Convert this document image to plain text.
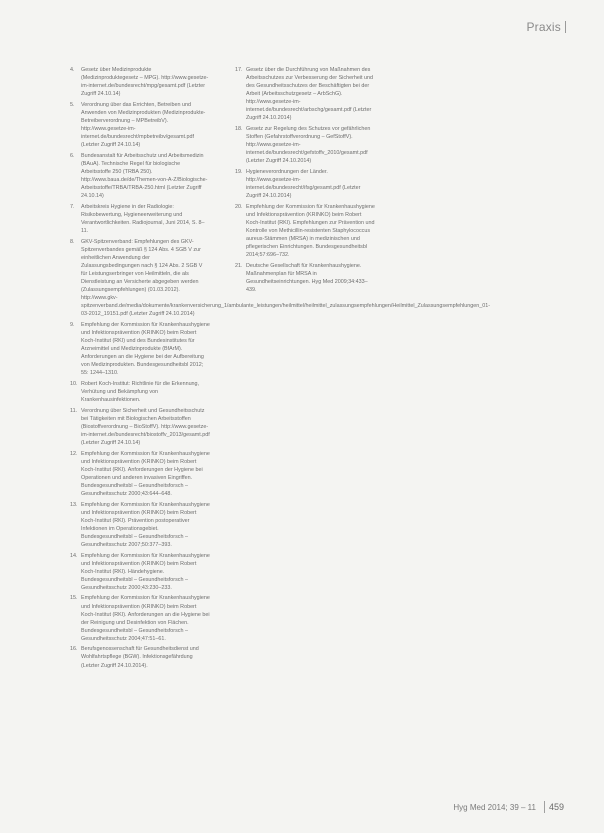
Praxis
4. Gesetz über Medizinprodukte (Medizinproduktegesetz – MPG). http://www.gesetze-im-internet.de/bundesrecht/mpg/gesamt.pdf (Letzter Zugriff 24.10.14)
5. Verordnung über das Errichten, Betreiben und Anwenden von Medizinprodukten (Medizinprodukte-Betreiberverordnung – MPBetreibV). http://www.gesetze-im-internet.de/bundesrecht/mpbetreibv/gesamt.pdf (Letzter Zugriff 24.10.14)
6. Bundesanstalt für Arbeitsschutz und Arbeitsmedizin (BAuA). Technische Regel für biologische Arbeitsstoffe 250 (TRBA 250). http://www.baua.de/de/Themen-von-A-Z/Biologische-Arbeitsstoffe/TRBA/TRBA-250.html (Letzter Zugriff 24.10.14)
7. Arbeitskreis Hygiene in der Radiologie: Risikobewertung, Hygieneerweiterung und Verantwortlichkeiten. Radiojournal, Juni 2014, S. 8–11.
8. GKV-Spitzenverband: Empfehlungen des GKV-Spitzenverbandes gemäß § 124 Abs. 4 SGB V zur einheitlichen Anwendung der Zulassungsbedingungen nach § 124 Abs. 2 SGB V für Leistungserbringer von Heilmitteln, die als Dienstleistung an Versicherte abgegeben werden (Zulassungsempfehlungen) (01.03.2012). http://www.gkv-spitzenverband.de/media/dokumente/krankenversicherung_1/ambulante_leistungen/heilmittel/heilmittel_zulassungsempfehlungen/Heilmittel_Zulassungsempfehlungen_01-03-2012_19151.pdf (Letzter Zugriff 24.10.2014)
9. Empfehlung der Kommission für Krankenhaushygiene und Infektionsprävention (KRINKO) beim Robert Koch-Institut (RKI) und des Bundesinstitutes für Arzneimittel und Medizinprodukte (BfArM). Anforderungen an die Hygiene bei der Aufbereitung von Medizinprodukten. Bundesgesundheitsbl 2012; 55: 1244–1310.
10. Robert Koch-Institut: Richtlinie für die Erkennung, Verhütung und Bekämpfung von Krankenhausinfektionen.
11. Verordnung über Sicherheit und Gesundheitsschutz bei Tätigkeiten mit Biologischen Arbeitsstoffen (Biostoffverordnung – BioStoffV). http://www.gesetze-im-internet.de/bundesrecht/biostoffv_2013/gesamt.pdf (Letzter Zugriff 24.10.14)
12. Empfehlung der Kommission für Krankenhaushygiene und Infektionsprävention (KRINKO) beim Robert Koch-Institut (RKI). Anforderungen der Hygiene bei Operationen und anderen invasiven Eingriffen. Bundesgesundheitsbl – Gesundheitsforsch – Gesundheitsschutz 2000;43:644–648.
13. Empfehlung der Kommission für Krankenhaushygiene und Infektionsprävention (KRINKO) beim Robert Koch-Institut (RKI). Prävention postoperativer Infektionen im Operationsgebiet. Bundesgesundheitsbl – Gesundheitsforsch – Gesundheitsschutz 2007;50:377–393.
14. Empfehlung der Kommission für Krankenhaushygiene und Infektionsprävention (KRINKO) beim Robert Koch-Institut (RKI). Händehygiene. Bundesgesundheitsbl – Gesundheitsforsch – Gesundheitsschutz 2000;43:230–233.
15. Empfehlung der Kommission für Krankenhaushygiene und Infektionsprävention (KRINKO) beim Robert Koch-Institut (RKI). Anforderungen an die Hygiene bei der Reinigung und Desinfektion von Flächen. Bundesgesundheitsbl – Gesundheitsforsch – Gesundheitsschutz 2004;47:51–61.
16. Berufsgenossenschaft für Gesundheitsdienst und Wohlfahrtspflege (BGW). Infektionsgefährdung (Letzter Zugriff 24.10.2014).
17. Gesetz über die Durchführung von Maßnahmen des Arbeitsschutzes zur Verbesserung der Sicherheit und des Gesundheitsschutzes der Beschäftigten bei der Arbeit (Arbeitsschutzgesetz – ArbSchG). http://www.gesetze-im-internet.de/bundesrecht/arbschg/gesamt.pdf (Letzter Zugriff 24.10.2014)
18. Gesetz zur Regelung des Schutzes vor gefährlichen Stoffen (Gefahrstoffverordnung – GefStoffV). http://www.gesetze-im-internet.de/bundesrecht/gefstoffv_2010/gesamt.pdf (Letzter Zugriff 24.10.2014)
19. Hygieneverordnungen der Länder. http://www.gesetze-im-internet.de/bundesrecht/ifsg/gesamt.pdf (Letzter Zugriff 24.10.2014)
20. Empfehlung der Kommission für Krankenhaushygiene und Infektionsprävention (KRINKO) beim Robert Koch-Institut (RKI). Empfehlungen zur Prävention und Kontrolle von Methicillin-resistenten Staphylococcus aureus-Stämmen (MRSA) in medizinischen und pflegerischen Einrichtungen. Bundesgesundheitsbl 2014;57:696–732.
21. Deutsche Gesellschaft für Krankenhaushygiene. Maßnahmenplan für MRSA in Gesundheitseinrichtungen. Hyg Med 2009;34:433–439.
Hyg Med 2014; 39 – 11 459
